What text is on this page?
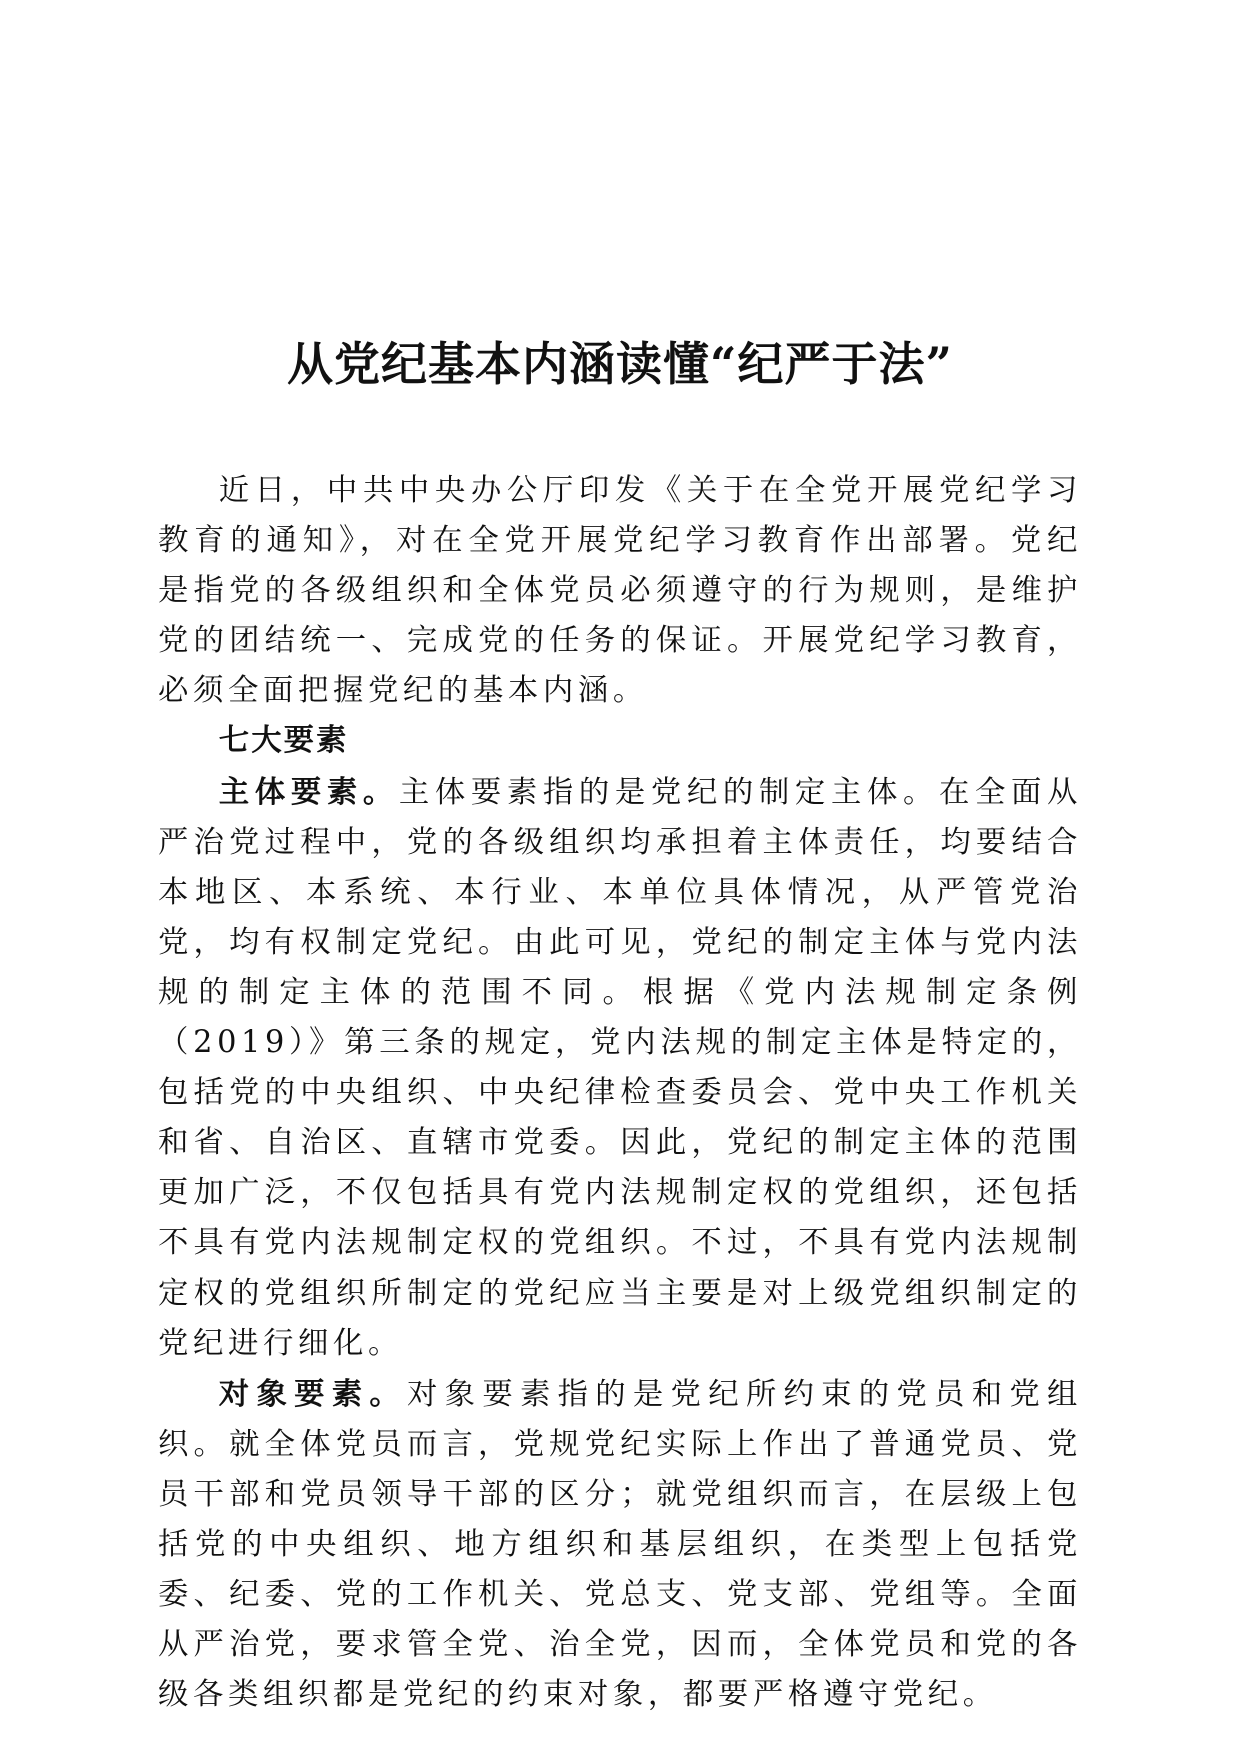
从党纪基本内涵读懂“纪严于法”

近日，中共中央办公厅印发《关于在全党开展党纪学习教育的通知》，对在全党开展党纪学习教育作出部署。党纪是指党的各级组织和全体党员必须遵守的行为规则，是维护党的团结统一、完成党的任务的保证。开展党纪学习教育，必须全面把握党纪的基本内涵。

七大要素

主体要素。主体要素指的是党纪的制定主体。在全面从严治党过程中，党的各级组织均承担着主体责任，均要结合本地区、本系统、本行业、本单位具体情况，从严管党治党，均有权制定党纪。由此可见，党纪的制定主体与党内法规的制定主体的范围不同。根据《党内法规制定条例（2019）》第三条的规定，党内法规的制定主体是特定的，包括党的中央组织、中央纪律检查委员会、党中央工作机关和省、自治区、直辖市党委。因此，党纪的制定主体的范围更加广泛，不仅包括具有党内法规制定权的党组织，还包括不具有党内法规制定权的党组织。不过，不具有党内法规制定权的党组织所制定的党纪应当主要是对上级党组织制定的党纪进行细化。

对象要素。对象要素指的是党纪所约束的党员和党组织。就全体党员而言，党规党纪实际上作出了普通党员、党员干部和党员领导干部的区分；就党组织而言，在层级上包括党的中央组织、地方组织和基层组织，在类型上包括党委、纪委、党的工作机关、党总支、党支部、党组等。全面从严治党，要求管全党、治全党，因而，全体党员和党的各级各类组织都是党纪的约束对象，都要严格遵守党纪。
